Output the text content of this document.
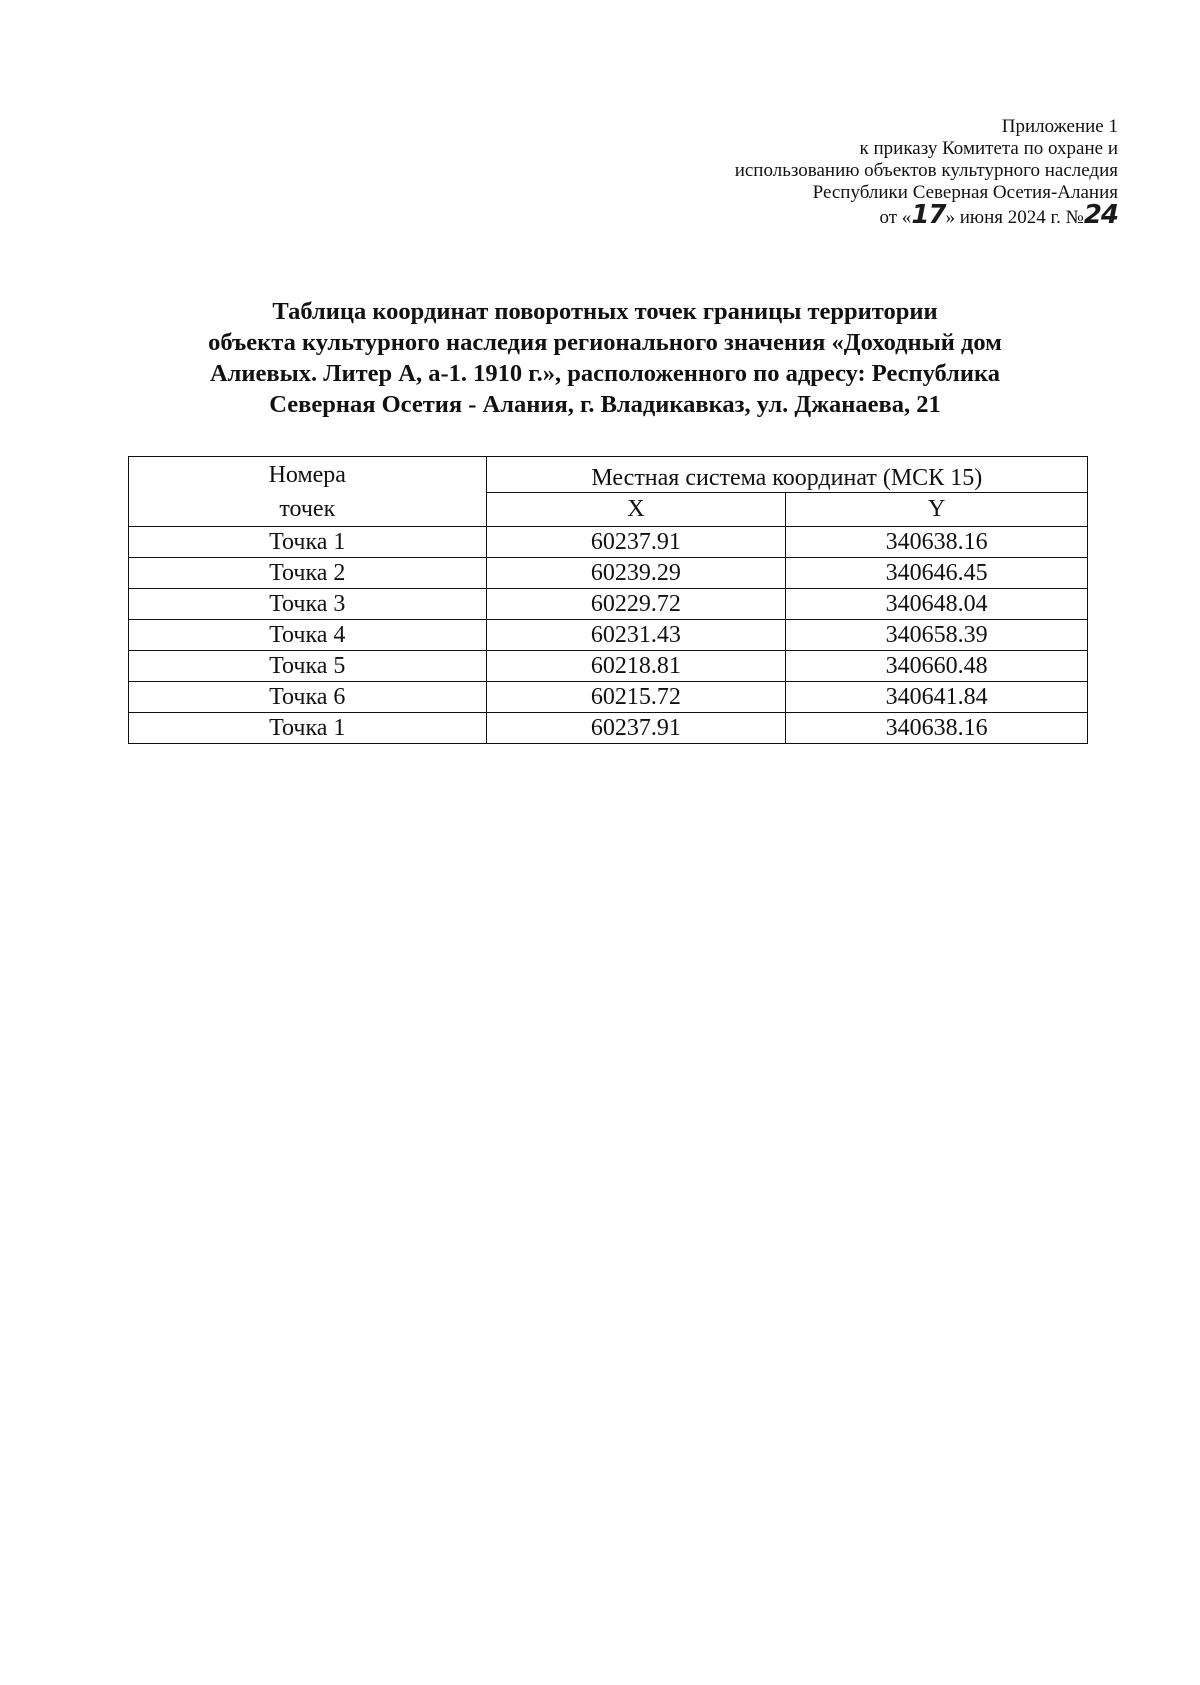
Приложение 1
к приказу Комитета по охране и
использованию объектов культурного наследия
Республики Северная Осетия-Алания
от «17» июня 2024 г. №24
Таблица координат поворотных точек границы территории
объекта культурного наследия регионального значения «Доходный дом
Алиевых. Литер А, а-1. 1910 г.», расположенного по адресу: Республика
Северная Осетия - Алания, г. Владикавказ, ул. Джанаева, 21
Номера
точек	Местная система координат (МСК 15)	
	X	Y
Точка 1	60237.91	340638.16
Точка 2	60239.29	340646.45
Точка 3	60229.72	340648.04
Точка 4	60231.43	340658.39
Точка 5	60218.81	340660.48
Точка 6	60215.72	340641.84
Точка 1	60237.91	340638.16
